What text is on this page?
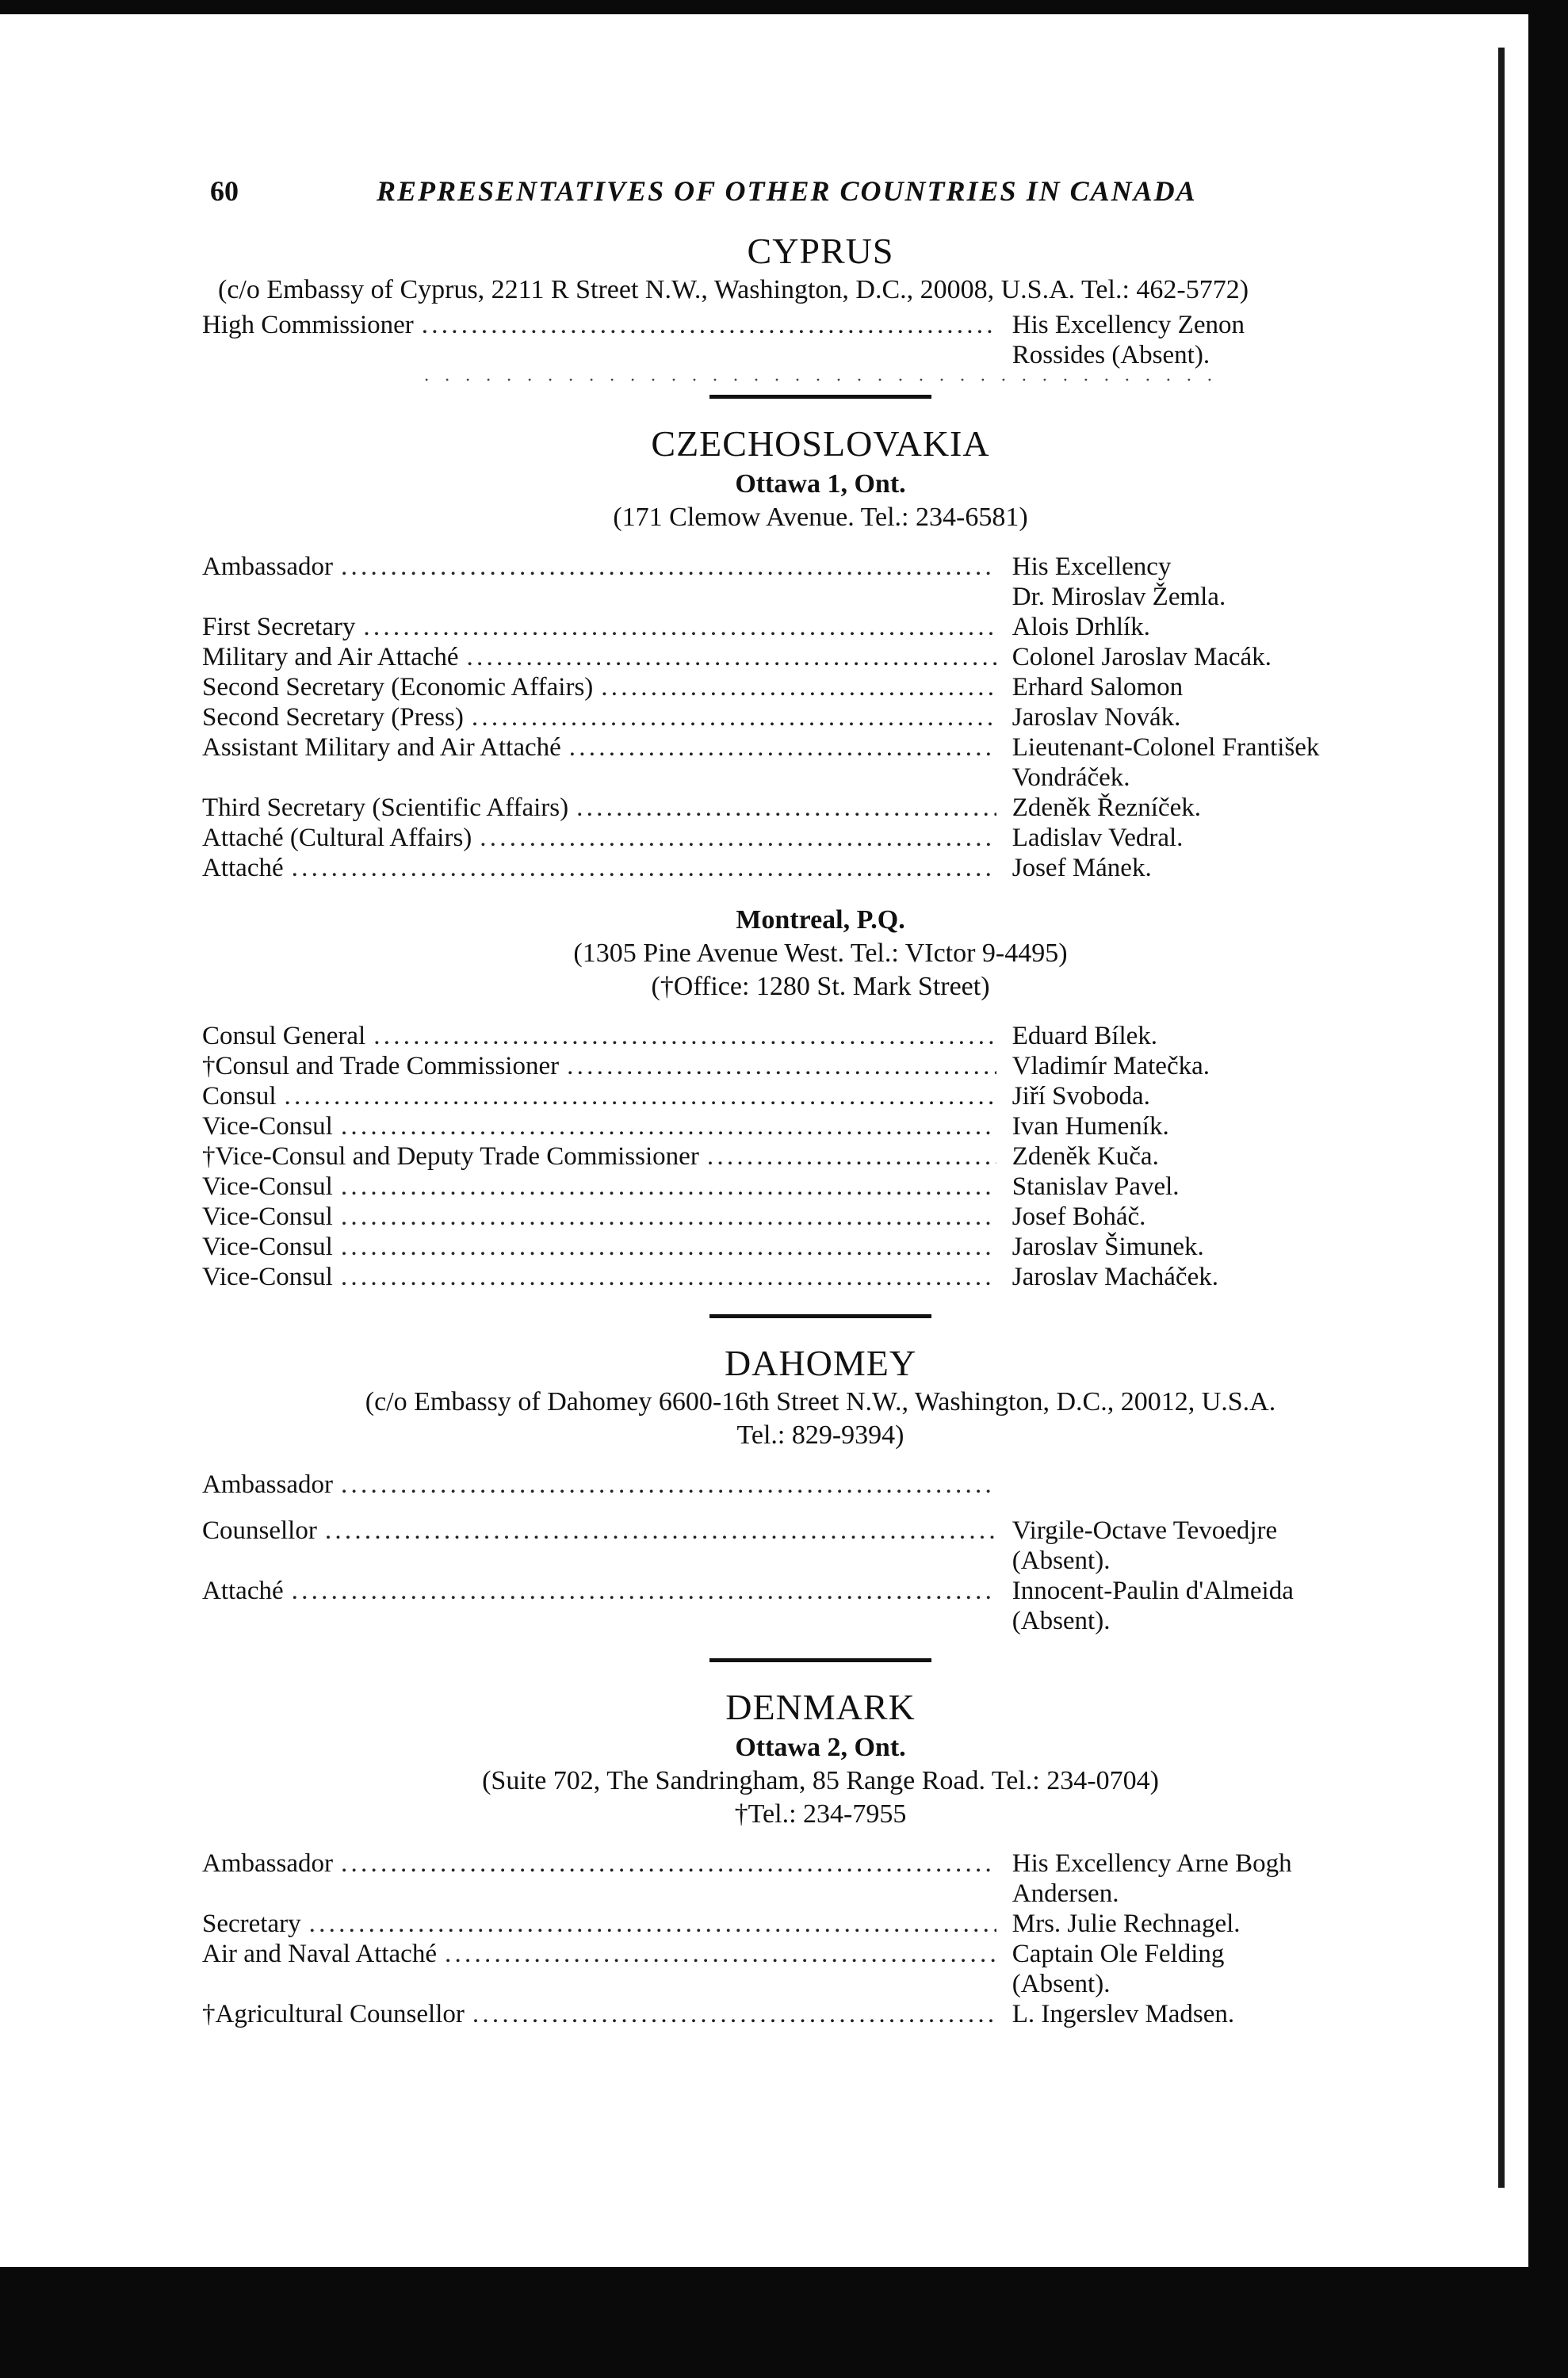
60	REPRESENTATIVES OF OTHER COUNTRIES IN CANADA
CYPRUS
(c/o Embassy of Cyprus, 2211 R Street N.W., Washington, D.C., 20008, U.S.A. Tel.: 462-5772)
High Commissioner . . .	His Excellency Zenon
Rossides (Absent).
· · · · · · · · · · · · · · · · · · · · · · · · · · · · · · · · · · · · · · ·
CZECHOSLOVAKIA
Ottawa 1, Ont.
(171 Clemow Avenue. Tel.: 234-6581)
Ambassador . . .	His Excellency
Dr. Miroslav Žemla.
First Secretary . . .	Alois Drhlík.
Military and Air Attaché . . .	Colonel Jaroslav Macák.
Second Secretary (Economic Affairs) . . .	Erhard Salomon
Second Secretary (Press) . . .	Jaroslav Novák.
Assistant Military and Air Attaché . . .	Lieutenant-Colonel František
Vondráček.
Third Secretary (Scientific Affairs) . . .	Zdeněk Řezníček.
Attaché (Cultural Affairs) . . .	Ladislav Vedral.
Attaché . . .	Josef Mánek.
Montreal, P.Q.
(1305 Pine Avenue West. Tel.: VIctor 9-4495)
(†Office: 1280 St. Mark Street)
Consul General . . .	Eduard Bílek.
†Consul and Trade Commissioner . . .	Vladimír Matečka.
Consul . . .	Jiří Svoboda.
Vice-Consul . . .	Ivan Humeník.
†Vice-Consul and Deputy Trade Commissioner . . .	Zdeněk Kuča.
Vice-Consul . . .	Stanislav Pavel.
Vice-Consul . . .	Josef Boháč.
Vice-Consul . . .	Jaroslav Šimunek.
Vice-Consul . . .	Jaroslav Macháček.
DAHOMEY
(c/o Embassy of Dahomey 6600-16th Street N.W., Washington, D.C., 20012, U.S.A.
Tel.: 829-9394)
Ambassador
. . .
Counsellor . . .	Virgile-Octave Tevoedjre
(Absent).
Attaché . . .	Innocent-Paulin d'Almeida
(Absent).
DENMARK
Ottawa 2, Ont.
(Suite 702, The Sandringham, 85 Range Road. Tel.: 234-0704)
†Tel.: 234-7955
Ambassador . . .	His Excellency Arne Bogh
Andersen.
Secretary . . .	Mrs. Julie Rechnagel.
Air and Naval Attaché . . .	Captain Ole Felding
(Absent).
†Agricultural Counsellor . . .	L. Ingerslev Madsen.
